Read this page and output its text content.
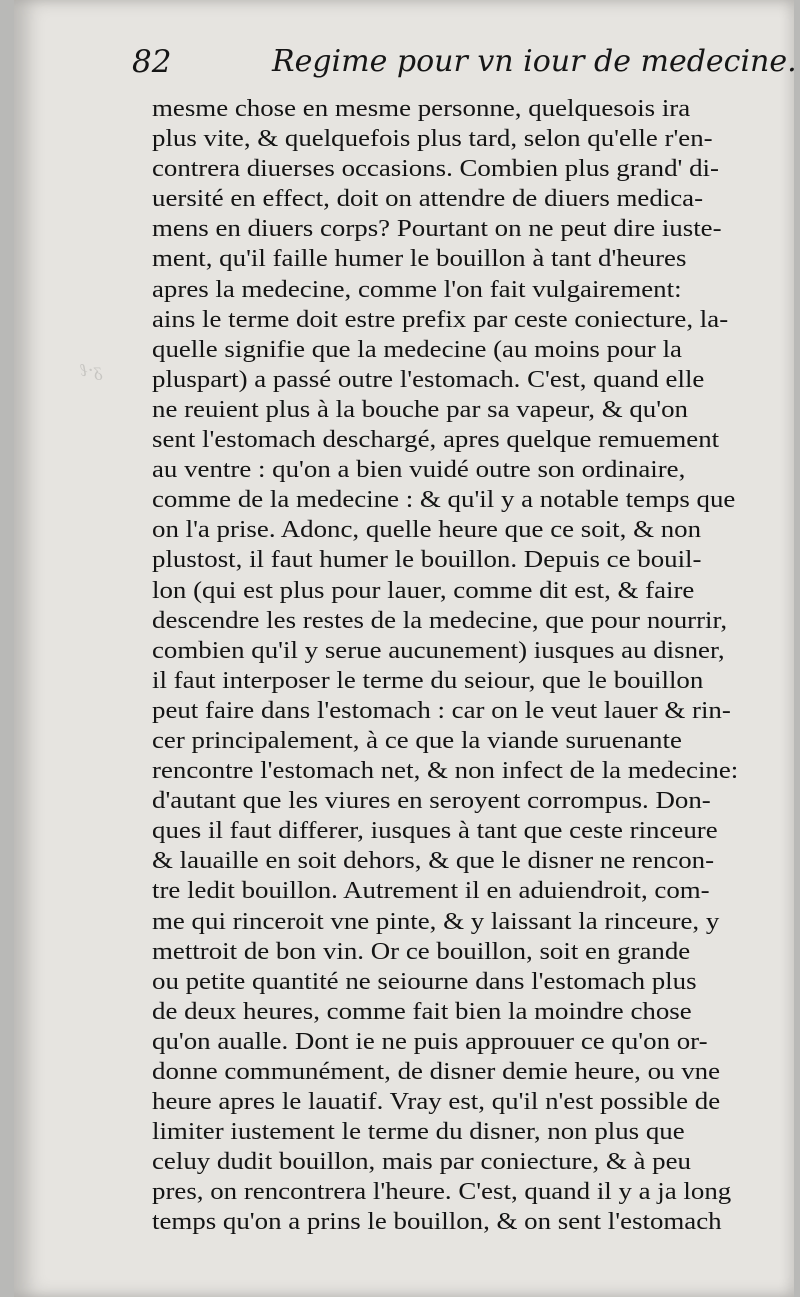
ᵹ·ℓ
82	Regime pour vn iour de medecine.
mesme chose en mesme personne, quelquesois ira
plus vite, & quelquefois plus tard, selon qu'elle r'en-
contrera diuerses occasions. Combien plus grand' di-
uersité en effect, doit on attendre de diuers medica-
mens en diuers corps? Pourtant on ne peut dire iuste-
ment, qu'il faille humer le bouillon à tant d'heures
apres la medecine, comme l'on fait vulgairement:
ains le terme doit estre prefix par ceste coniecture, la-
quelle signifie que la medecine (au moins pour la
pluspart) a passé outre l'estomach. C'est, quand elle
ne reuient plus à la bouche par sa vapeur, & qu'on
sent l'estomach deschargé, apres quelque remuement
au ventre : qu'on a bien vuidé outre son ordinaire,
comme de la medecine : & qu'il y a notable temps que
on l'a prise. Adonc, quelle heure que ce soit, & non
plustost, il faut humer le bouillon. Depuis ce bouil-
lon (qui est plus pour lauer, comme dit est, & faire
descendre les restes de la medecine, que pour nourrir,
combien qu'il y serue aucunement) iusques au disner,
il faut interposer le terme du seiour, que le bouillon
peut faire dans l'estomach : car on le veut lauer & rin-
cer principalement, à ce que la viande suruenante
rencontre l'estomach net, & non infect de la medecine:
d'autant que les viures en seroyent corrompus. Don-
ques il faut differer, iusques à tant que ceste rinceure
& lauaille en soit dehors, & que le disner ne rencon-
tre ledit bouillon. Autrement il en aduiendroit, com-
me qui rinceroit vne pinte, & y laissant la rinceure, y
mettroit de bon vin. Or ce bouillon, soit en grande
ou petite quantité ne seiourne dans l'estomach plus
de deux heures, comme fait bien la moindre chose
qu'on aualle. Dont ie ne puis approuuer ce qu'on or-
donne communément, de disner demie heure, ou vne
heure apres le lauatif. Vray est, qu'il n'est possible de
limiter iustement le terme du disner, non plus que
celuy dudit bouillon, mais par coniecture, & à peu
pres, on rencontrera l'heure. C'est, quand il y a ja long
temps qu'on a prins le bouillon, & on sent l'estomach
